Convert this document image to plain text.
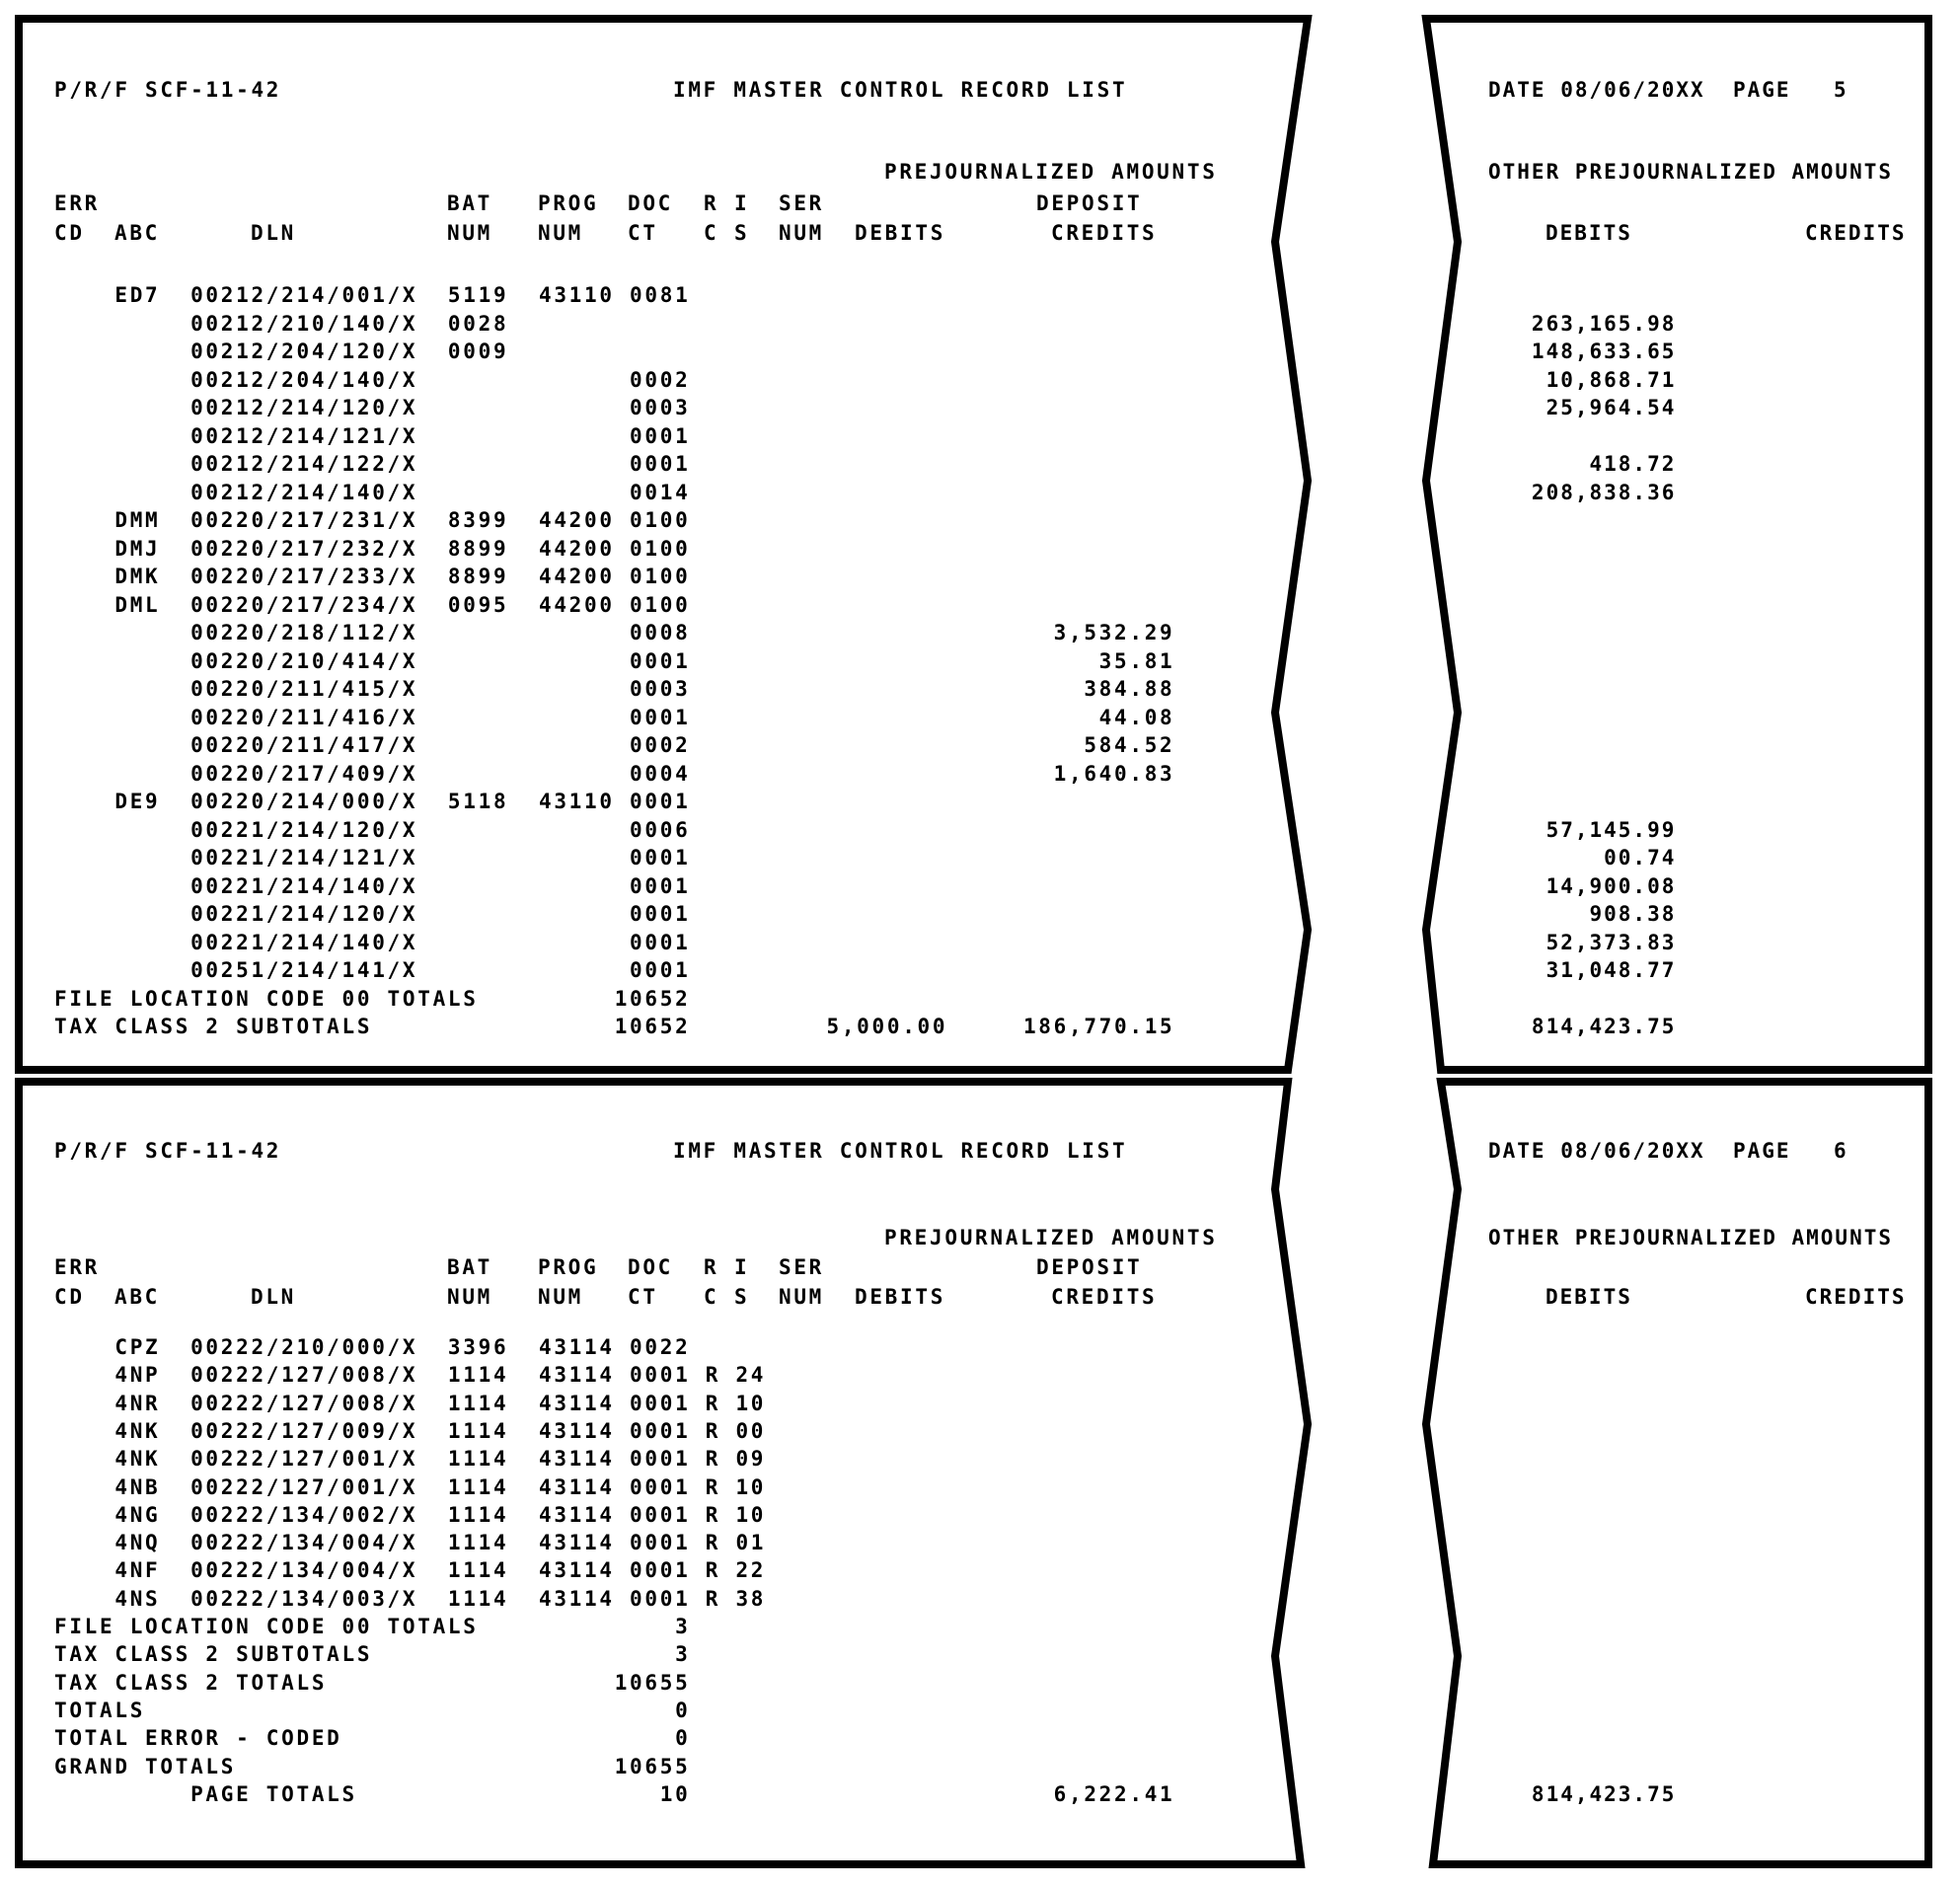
P/R/F SCF-11-42	IMF MASTER CONTROL RECORD LIST
PREJOURNALIZED AMOUNTS
ERR	BAT PROG DOC R I SER	DEPOSIT
CD ABC	DLN	NUM NUM CT C S NUM DEBITS	CREDITS
DATE 08/06/20XX PAGE 5
OTHER PREJOURNALIZED AMOUNTS
DEBITS	CREDITS
P/R/F SCF-11-42	IMF MASTER CONTROL RECORD LIST
PREJOURNALIZED AMOUNTS
ERR	BAT PROG DOC R I SER	DEPOSIT
CD ABC	DLN	NUM NUM CT C S NUM DEBITS	CREDITS
DATE 08/06/20XX PAGE 6
OTHER PREJOURNALIZED AMOUNTS
DEBITS	CREDITS
ED7  00212/214/001/X  5119  43110 0081
00212/210/140/X  0028	263,165.98
00212/204/120/X  0009	148,633.65
00212/204/140/X              0002	10,868.71
00212/214/120/X              0003	25,964.54
00212/214/121/X              0001
00212/214/122/X              0001	418.72
00212/214/140/X              0014	208,838.36
DMM  00220/217/231/X  8399  44200 0100
DMJ  00220/217/232/X  8899  44200 0100
DMK  00220/217/233/X  8899  44200 0100
DML  00220/217/234/X  0095  44200 0100
00220/218/112/X              0008                        3,532.29
00220/210/414/X              0001                           35.81
00220/211/415/X              0003                          384.88
00220/211/416/X              0001                           44.08
00220/211/417/X              0002                          584.52
00220/217/409/X              0004                        1,640.83
DE9  00220/214/000/X  5118  43110 0001
00221/214/120/X              0006	57,145.99
00221/214/121/X              0001	00.74
00221/214/140/X              0001	14,900.08
00221/214/120/X              0001	908.38
00221/214/140/X              0001	52,373.83
00251/214/141/X              0001	31,048.77
FILE LOCATION CODE 00 TOTALS         10652
TAX CLASS 2 SUBTOTALS                10652         5,000.00     186,770.15	814,423.75
CPZ  00222/210/000/X  3396  43114 0022
4NP  00222/127/008/X  1114  43114 0001 R 24
4NR  00222/127/008/X  1114  43114 0001 R 10
4NK  00222/127/009/X  1114  43114 0001 R 00
4NK  00222/127/001/X  1114  43114 0001 R 09
4NB  00222/127/001/X  1114  43114 0001 R 10
4NG  00222/134/002/X  1114  43114 0001 R 10
4NQ  00222/134/004/X  1114  43114 0001 R 01
4NF  00222/134/004/X  1114  43114 0001 R 22
4NS  00222/134/003/X  1114  43114 0001 R 38
FILE LOCATION CODE 00 TOTALS             3
TAX CLASS 2 SUBTOTALS                    3
TAX CLASS 2 TOTALS                   10655
TOTALS                                   0
TOTAL ERROR - CODED                      0
GRAND TOTALS                         10655
PAGE TOTALS                    10                        6,222.41	814,423.75
